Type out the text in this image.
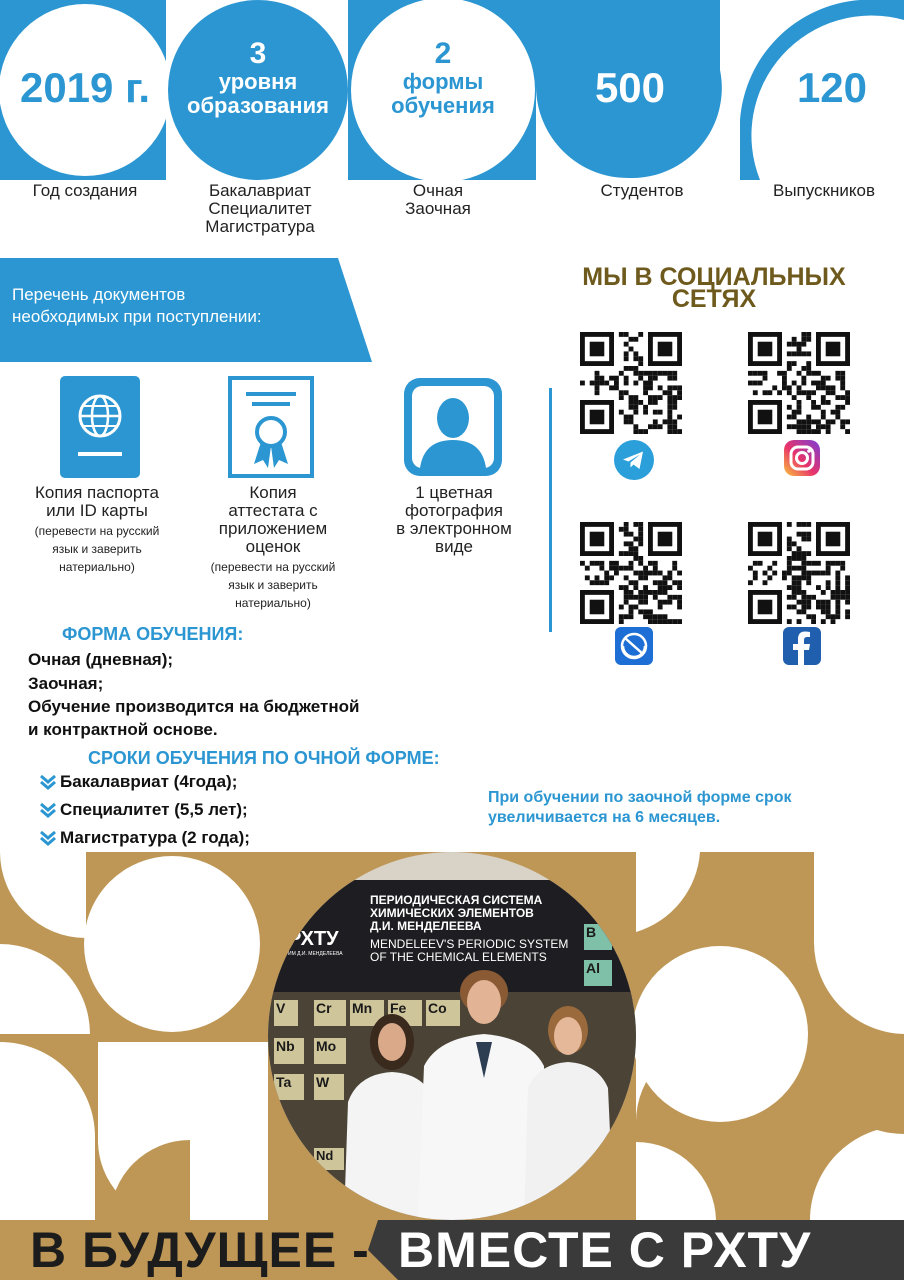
2019 г.
3
уровня
образования
2
формы
обучения	500	120
Год создания	Бакалавриат
Специалитет
Магистратура
Очная
Заочная
Студентов	Выпускников
Перечень документов
необходимых при поступлении:
Копия паспорта
или ID карты
(перевести на русский
язык и заверить
натериально)
Копия
аттестата с
приложением
оценок
(перевести на русский
язык и заверить
натериально)
1 цветная
фотография
в электронном
виде
МЫ В СОЦИАЛЬНЫХ
СЕТЯХ
ФОРМА ОБУЧЕНИЯ:
Очная (дневная);
Заочная;
Обучение производится на бюджетной
и контрактной основе.
СРОКИ ОБУЧЕНИЯ ПО ОЧНОЙ ФОРМЕ:
Бакалавриат (4года);
Специалитет (5,5 лет);
Магистратура (2 года);
При обучении по заочной форме срок
увеличивается на 6 месяцев.
ПЕРИОДИЧЕСКАЯ СИСТЕМА
ХИМИЧЕСКИХ ЭЛЕМЕНТОВ
Д.И. МЕНДЕЛЕЕВА
MENDELEEV'S PERIODIC SYSTEM
OF THE CHEMICAL ELEMENTS
РХТУ
ИМ Д.И. МЕНДЕЛЕЕВА
V	Cr	Mn	Fe	Co
Nb	Mo
Ta	W
Nd
B
Al
В БУДУЩЕЕ - ВМЕСТЕ С РХТУ
